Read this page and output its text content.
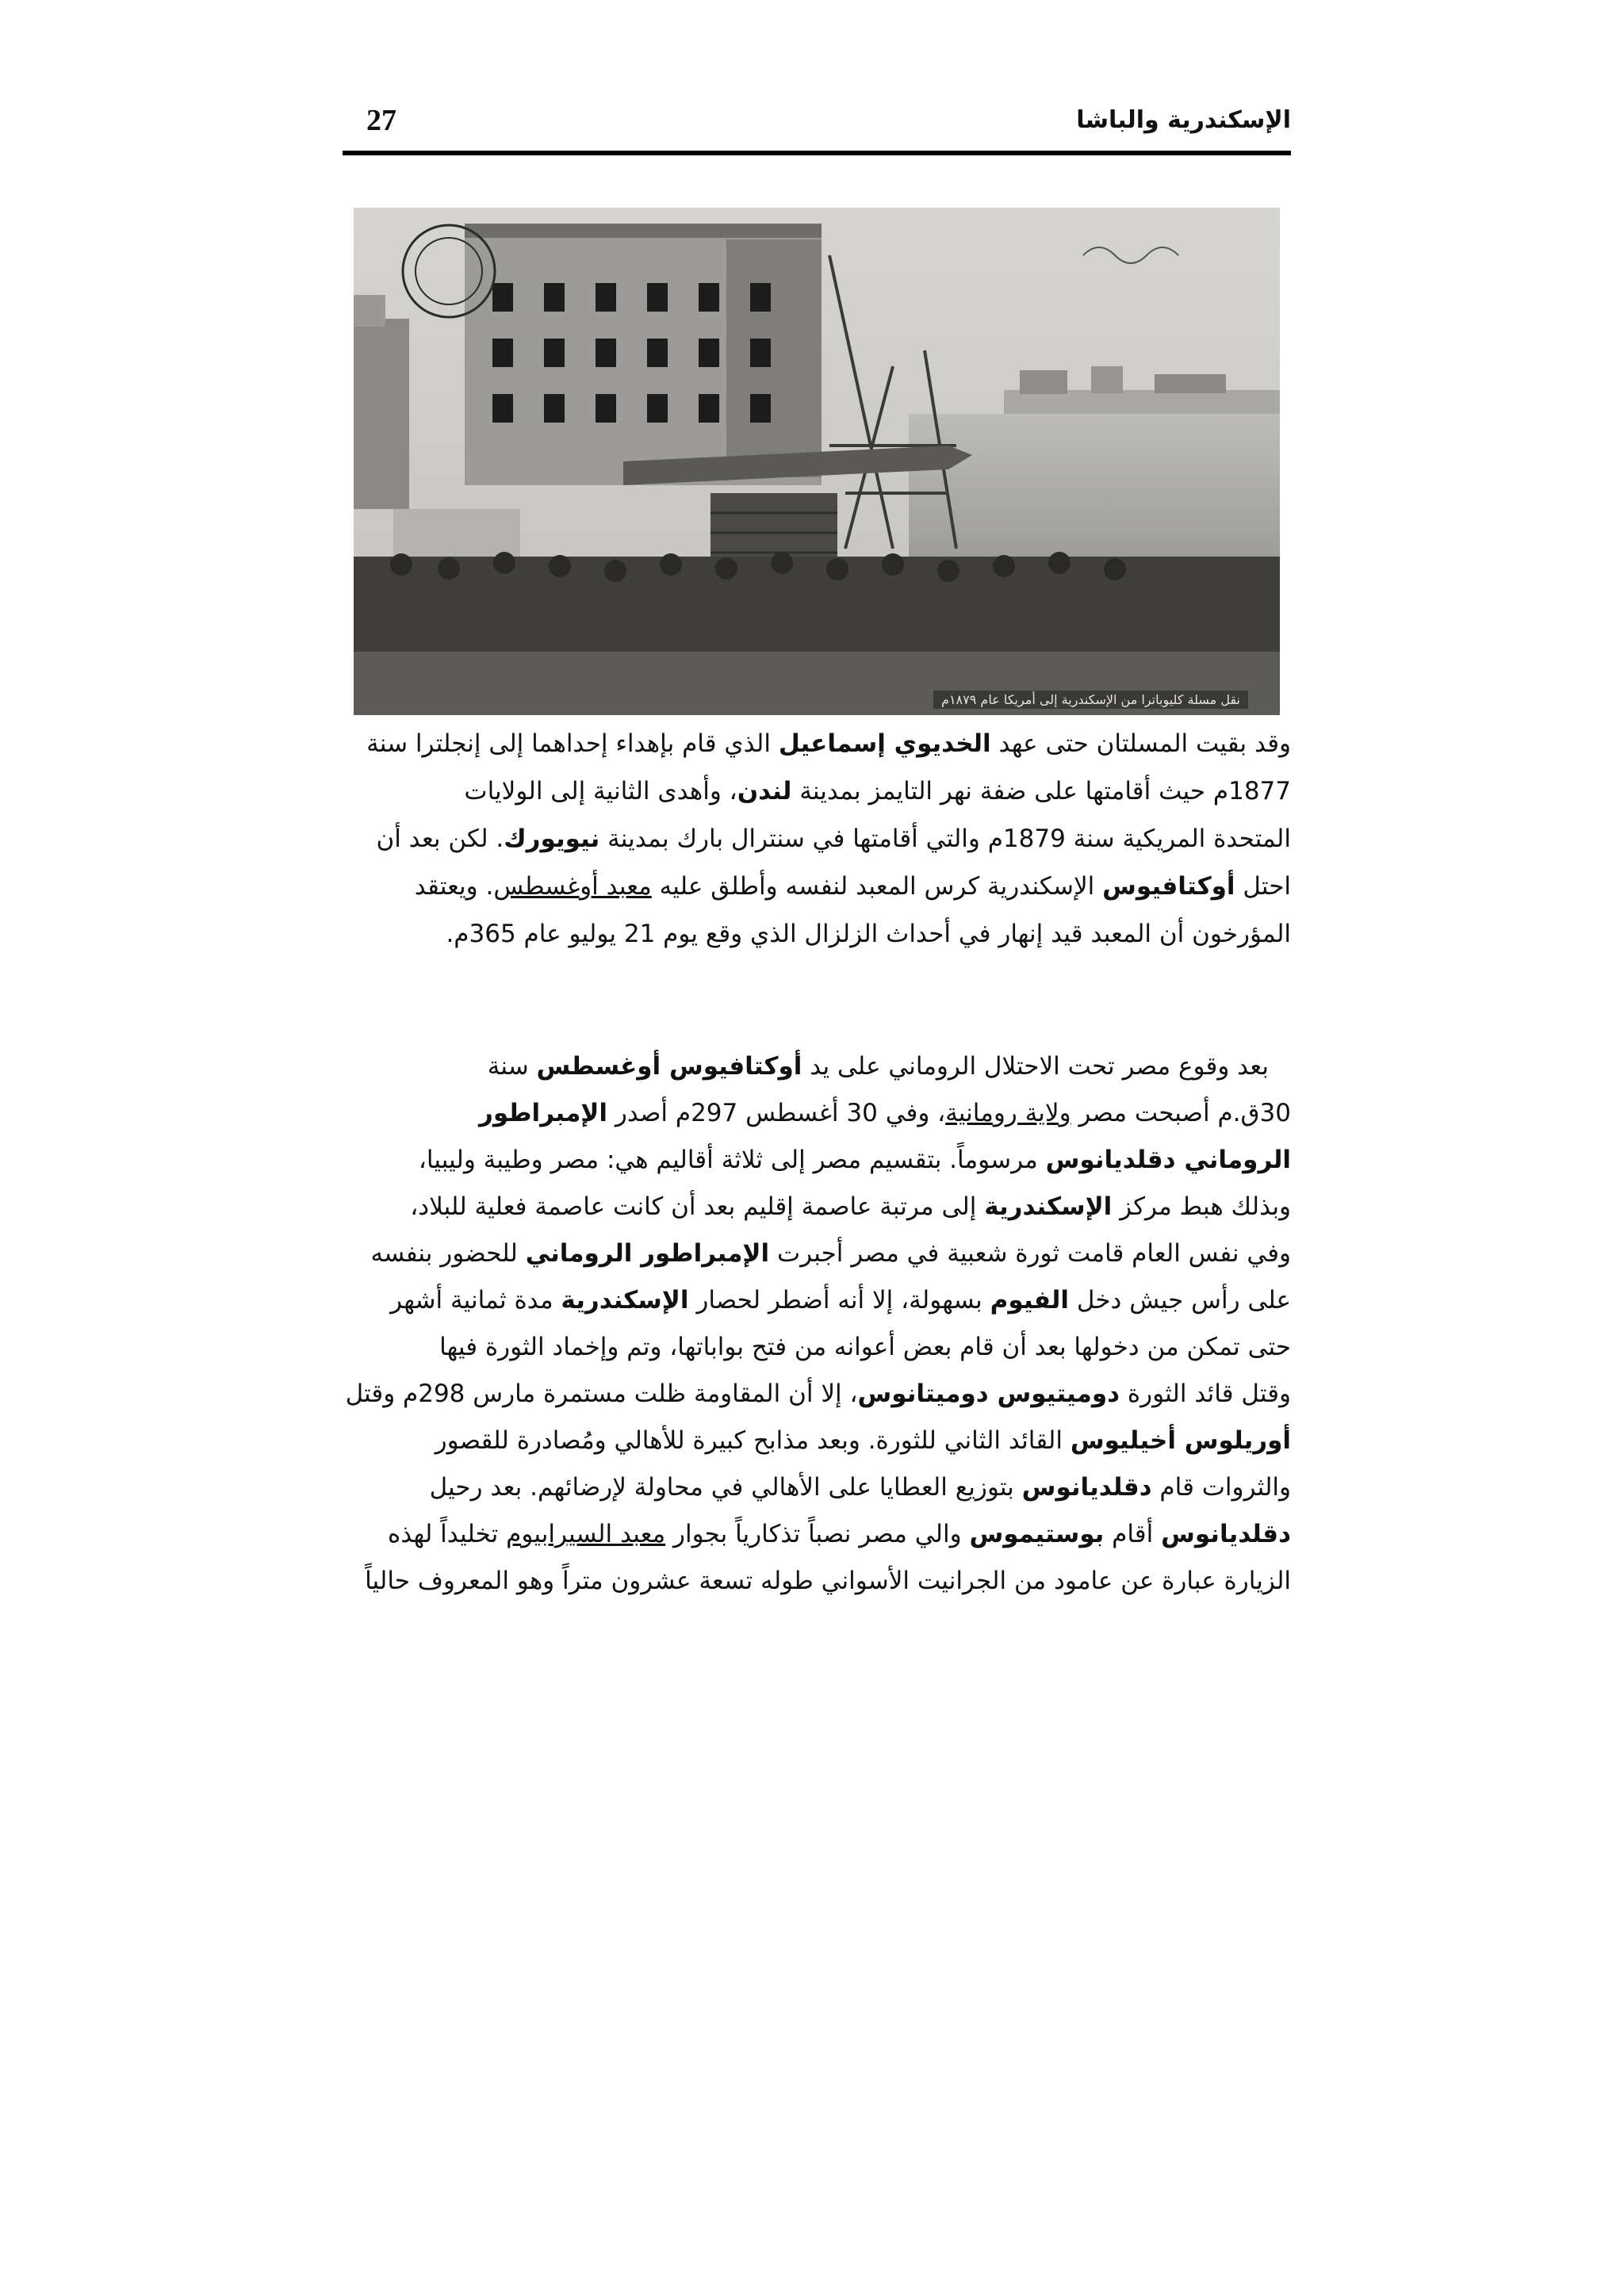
الإسكندرية والباشا
27
نقل مسلة كليوباترا من الإسكندرية إلى أمريكا عام ١٨٧٩م
وقد بقيت المسلتان حتى عهد الخديوي إسماعيل الذي قام بإهداء إحداهما إلى إنجلترا سنة
1877م حيث أقامتها على ضفة نهر التايمز بمدينة لندن، وأهدى الثانية إلى الولايات
المتحدة المريكية سنة 1879م والتي أقامتها في سنترال بارك بمدينة نيويورك. لكن بعد أن
احتل أوكتافيوس الإسكندرية كرس المعبد لنفسه وأطلق عليه معبد أوغسطس. ويعتقد
المؤرخون أن المعبد قيد إنهار في أحداث الزلزال الذي وقع يوم 21 يوليو عام 365م.
بعد وقوع مصر تحت الاحتلال الروماني على يد أوكتافيوس أوغسطس سنة
30ق.م أصبحت مصر ولاية رومانية، وفي 30 أغسطس 297م أصدر الإمبراطور
الروماني دقلديانوس مرسوماً. بتقسيم مصر إلى ثلاثة أقاليم هي: مصر وطيبة وليبيا،
وبذلك هبط مركز الإسكندرية إلى مرتبة عاصمة إقليم بعد أن كانت عاصمة فعلية للبلاد،
وفي نفس العام قامت ثورة شعبية في مصر أجبرت الإمبراطور الروماني للحضور بنفسه
على رأس جيش دخل الفيوم بسهولة، إلا أنه أضطر لحصار الإسكندرية مدة ثمانية أشهر
حتى تمكن من دخولها بعد أن قام بعض أعوانه من فتح بواباتها، وتم وإخماد الثورة فيها
وقتل قائد الثورة دوميتيوس دوميتانوس، إلا أن المقاومة ظلت مستمرة مارس 298م وقتل
أوريلوس أخيليوس القائد الثاني للثورة. وبعد مذابح كبيرة للأهالي ومُصادرة للقصور
والثروات قام دقلديانوس بتوزيع العطايا على الأهالي في محاولة لإرضائهم. بعد رحيل
دقلديانوس أقام بوستيموس والي مصر نصباً تذكارياً بجوار معبد السيرابيوم تخليداً لهذه
الزيارة عبارة عن عامود من الجرانيت الأسواني طوله تسعة عشرون متراً وهو المعروف حالياً
